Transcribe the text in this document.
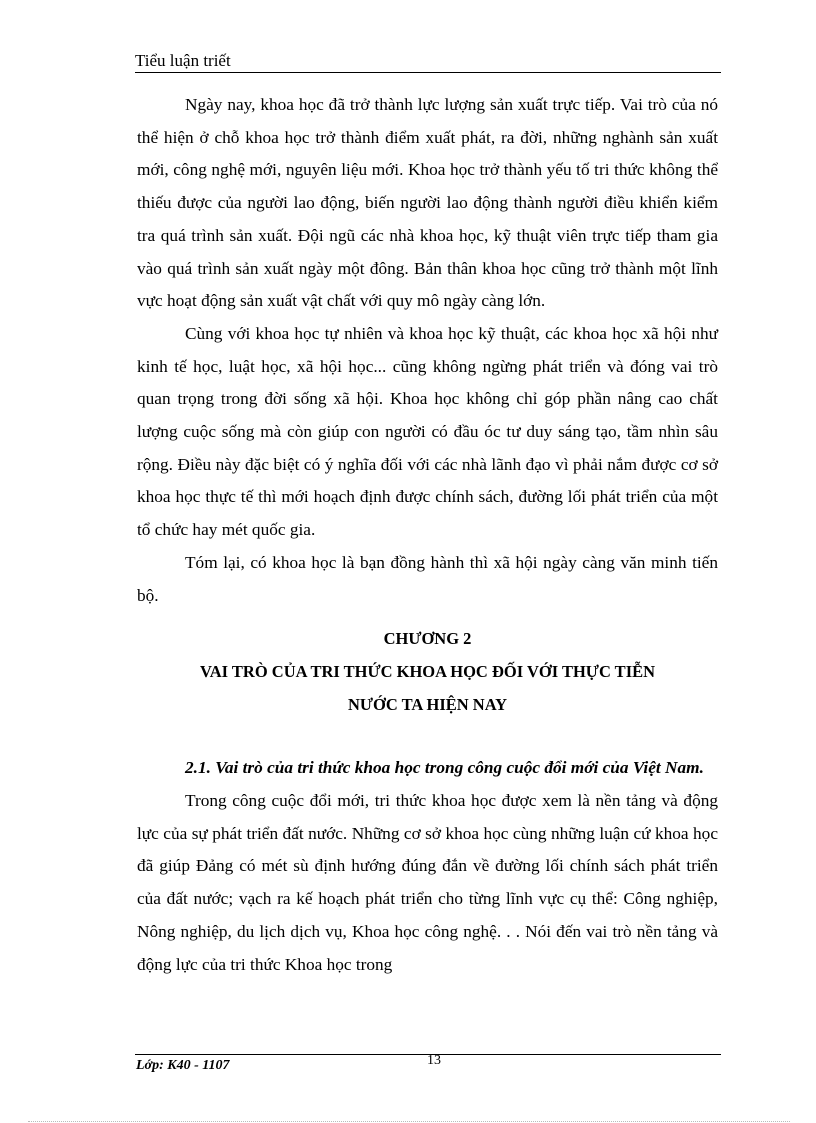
Tiểu luận triết

Ngày nay, khoa học đã trở thành lực lượng sản xuất trực tiếp. Vai trò của nó thể hiện ở chỗ khoa học trở thành điểm xuất phát, ra đời, những nghành sản xuất mới, công nghệ mới, nguyên liệu mới. Khoa học trở thành yếu tố tri thức không thể thiếu được của người lao động, biến người lao động thành người điều khiển kiểm tra quá trình sản xuất. Đội ngũ các nhà khoa học, kỹ thuật viên trực tiếp tham gia vào quá trình sản xuất ngày một đông. Bản thân khoa học cũng trở thành một lĩnh vực hoạt động sản xuất vật chất với quy mô ngày càng lớn.

Cùng với khoa học tự nhiên và khoa học kỹ thuật, các khoa học xã hội như kinh tế học, luật học, xã hội học... cũng không ngừng phát triển và đóng vai trò quan trọng trong đời sống xã hội. Khoa học không chỉ góp phần nâng cao chất lượng cuộc sống mà còn giúp con người có đầu óc tư duy sáng tạo, tầm nhìn sâu rộng. Điều này đặc biệt có ý nghĩa đối với các nhà lãnh đạo vì phải nắm được cơ sở khoa học thực tế thì mới hoạch định được chính sách, đường lối phát triển của một tổ chức hay mét quốc gia.

Tóm lại, có khoa học là bạn đồng hành thì xã hội ngày càng văn minh tiến bộ.

CHƯƠNG 2

VAI TRÒ CỦA TRI THỨC KHOA HỌC ĐỐI VỚI THỰC TIỄN

NƯỚC TA HIỆN NAY

2.1. Vai trò của tri thức khoa học trong công cuộc đổi mới của Việt Nam.

Trong công cuộc đổi mới, tri thức khoa học được xem là nền tảng và động lực của sự phát triển đất nước. Những cơ sở khoa học cùng những luận cứ khoa học đã giúp Đảng có mét sù định hướng đúng đắn về đường lối chính sách phát triển của đất nước; vạch ra kế hoạch phát triển cho từng lĩnh vực cụ thể: Công nghiệp, Nông nghiệp, du lịch dịch vụ, Khoa học công nghệ. . . Nói đến vai trò nền tảng và động lực của tri thức Khoa học trong

Lớp: K40 - 1107	13
